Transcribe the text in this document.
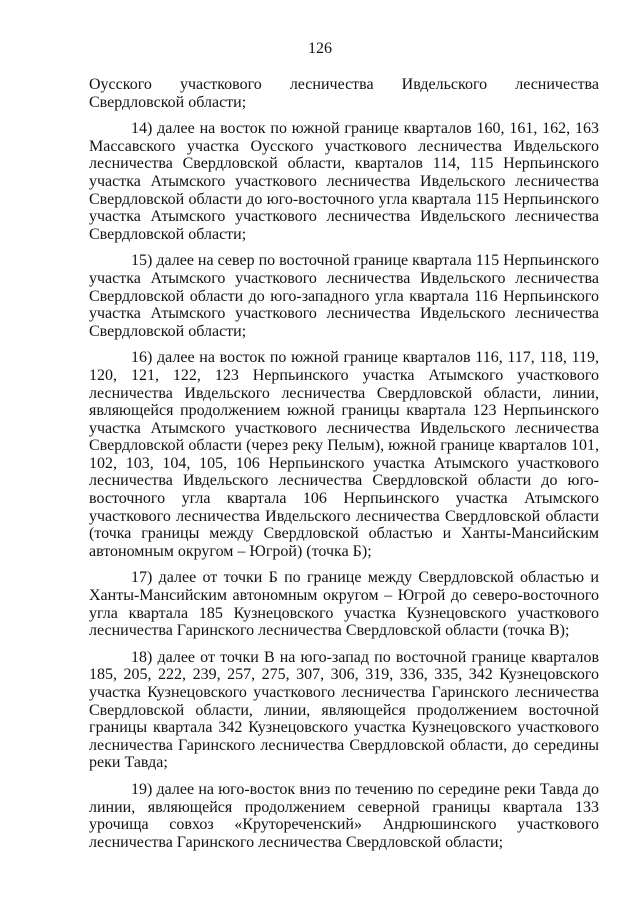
126

Оусского участкового лесничества Ивдельского лесничества Свердловской области;

14) далее на восток по южной границе кварталов 160, 161, 162, 163 Массавского участка Оусского участкового лесничества Ивдельского лесничества Свердловской области, кварталов 114, 115 Нерпьинского участка Атымского участкового лесничества Ивдельского лесничества Свердловской области до юго-восточного угла квартала 115 Нерпьинского участка Атымского участкового лесничества Ивдельского лесничества Свердловской области;

15) далее на север по восточной границе квартала 115 Нерпьинского участка Атымского участкового лесничества Ивдельского лесничества Свердловской области до юго-западного угла квартала 116 Нерпьинского участка Атымского участкового лесничества Ивдельского лесничества Свердловской области;

16) далее на восток по южной границе кварталов 116, 117, 118, 119, 120, 121, 122, 123 Нерпьинского участка Атымского участкового лесничества Ивдельского лесничества Свердловской области, линии, являющейся продолжением южной границы квартала 123 Нерпьинского участка Атымского участкового лесничества Ивдельского лесничества Свердловской области (через реку Пелым), южной границе кварталов 101, 102, 103, 104, 105, 106 Нерпьинского участка Атымского участкового лесничества Ивдельского лесничества Свердловской области до юго-восточного угла квартала 106 Нерпьинского участка Атымского участкового лесничества Ивдельского лесничества Свердловской области (точка границы между Свердловской областью и Ханты-Мансийским автономным округом – Югрой) (точка Б);

17) далее от точки Б по границе между Свердловской областью и Ханты-Мансийским автономным округом – Югрой до северо-восточного угла квартала 185 Кузнецовского участка Кузнецовского участкового лесничества Гаринского лесничества Свердловской области (точка В);

18) далее от точки В на юго-запад по восточной границе кварталов 185, 205, 222, 239, 257, 275, 307, 306, 319, 336, 335, 342 Кузнецовского участка Кузнецовского участкового лесничества Гаринского лесничества Свердловской области, линии, являющейся продолжением восточной границы квартала 342 Кузнецовского участка Кузнецовского участкового лесничества Гаринского лесничества Свердловской области, до середины реки Тавда;

19) далее на юго-восток вниз по течению по середине реки Тавда до линии, являющейся продолжением северной границы квартала 133 урочища совхоз «Крутореченский» Андрюшинского участкового лесничества Гаринского лесничества Свердловской области;
